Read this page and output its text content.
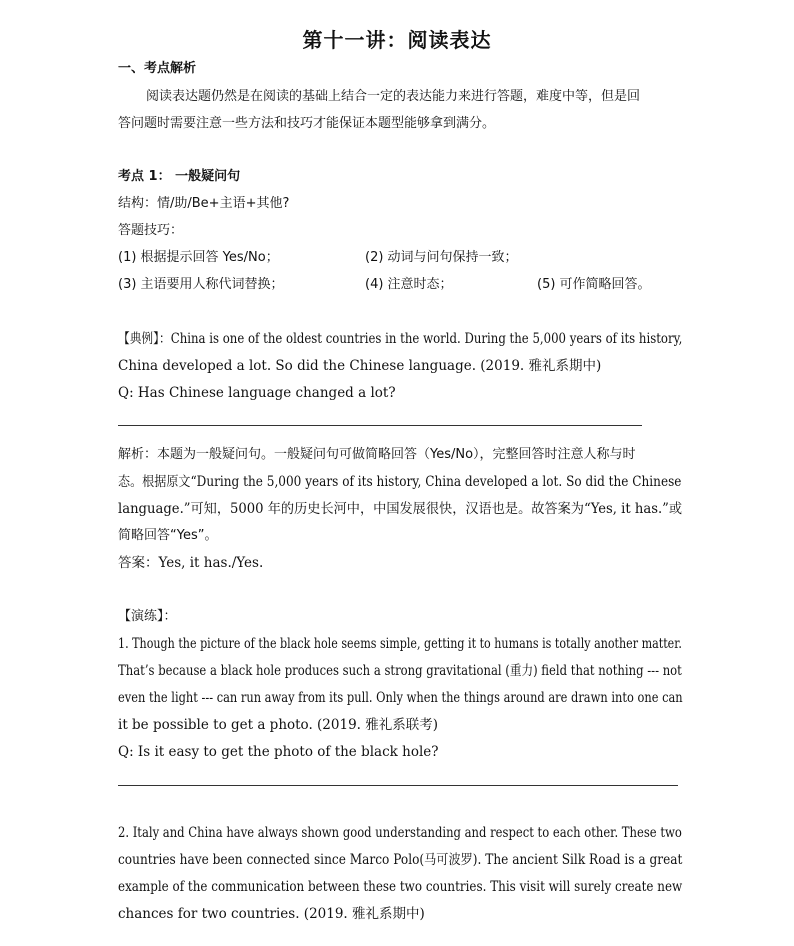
第十一讲：阅读表达
一、考点解析
阅读表达题仍然是在阅读的基础上结合一定的表达能力来进行答题，难度中等，但是回
答问题时需要注意一些方法和技巧才能保证本题型能够拿到满分。
考点 1： 一般疑问句
结构：情/助/Be+主语+其他?
答题技巧：
(1) 根据提示回答 Yes/No；	(2) 动词与问句保持一致；
(3) 主语要用人称代词替换；	(4) 注意时态；	(5) 可作简略回答。
【典例】：China is one of the oldest countries in the world. During the 5,000 years of its history,
China developed a lot. So did the Chinese language. (2019. 雅礼系期中)
Q: Has Chinese language changed a lot?
解析：本题为一般疑问句。一般疑问句可做简略回答（Yes/No），完整回答时注意人称与时
态。根据原文“During the 5,000 years of its history, China developed a lot. So did the Chinese
language.”可知，5000 年的历史长河中，中国发展很快，汉语也是。故答案为“Yes, it has.”或
简略回答“Yes”。
答案：Yes, it has./Yes.
【演练】：
1. Though the picture of the black hole seems simple, getting it to humans is totally another matter.
That’s because a black hole produces such a strong gravitational (重力) field that nothing --- not
even the light --- can run away from its pull. Only when the things around are drawn into one can
it be possible to get a photo. (2019. 雅礼系联考)
Q: Is it easy to get the photo of the black hole?
2. Italy and China have always shown good understanding and respect to each other. These two
countries have been connected since Marco Polo(马可波罗). The ancient Silk Road is a great
example of the communication between these two countries. This visit will surely create new
chances for two countries. (2019. 雅礼系期中)
